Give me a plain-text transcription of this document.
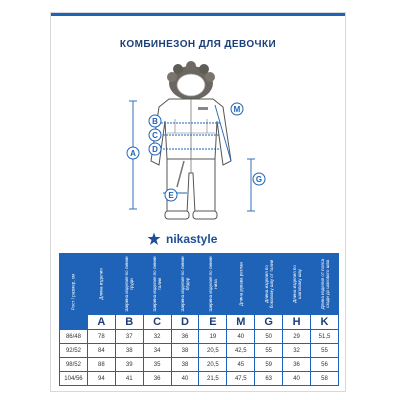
КОМБИНЕЗОН ДЛЯ ДЕВОЧКИ
A
B
C
D
E
G
M
nikastyle
Рост / размер, см	Длина изделия	Ширина изделия по линии груди	Ширина изделия по линии талии	Ширина изделия по линии бёдер	Ширина изделия по линии низа	Длина рукава реглан	Длина изделия по боковому шву от талии	Длина изделия по шаговому шву	Длина изделия от пояса сзади до шагового шва

	A	B	C	D	E	M	G	H	K
86/48	78	37	32	36	19	40	50	29	51,5
92/52	84	38	34	38	20,5	42,5	55	32	55
98/52	88	39	35	38	20,5	45	59	36	56
104/56	94	41	36	40	21,5	47,5	63	40	58
